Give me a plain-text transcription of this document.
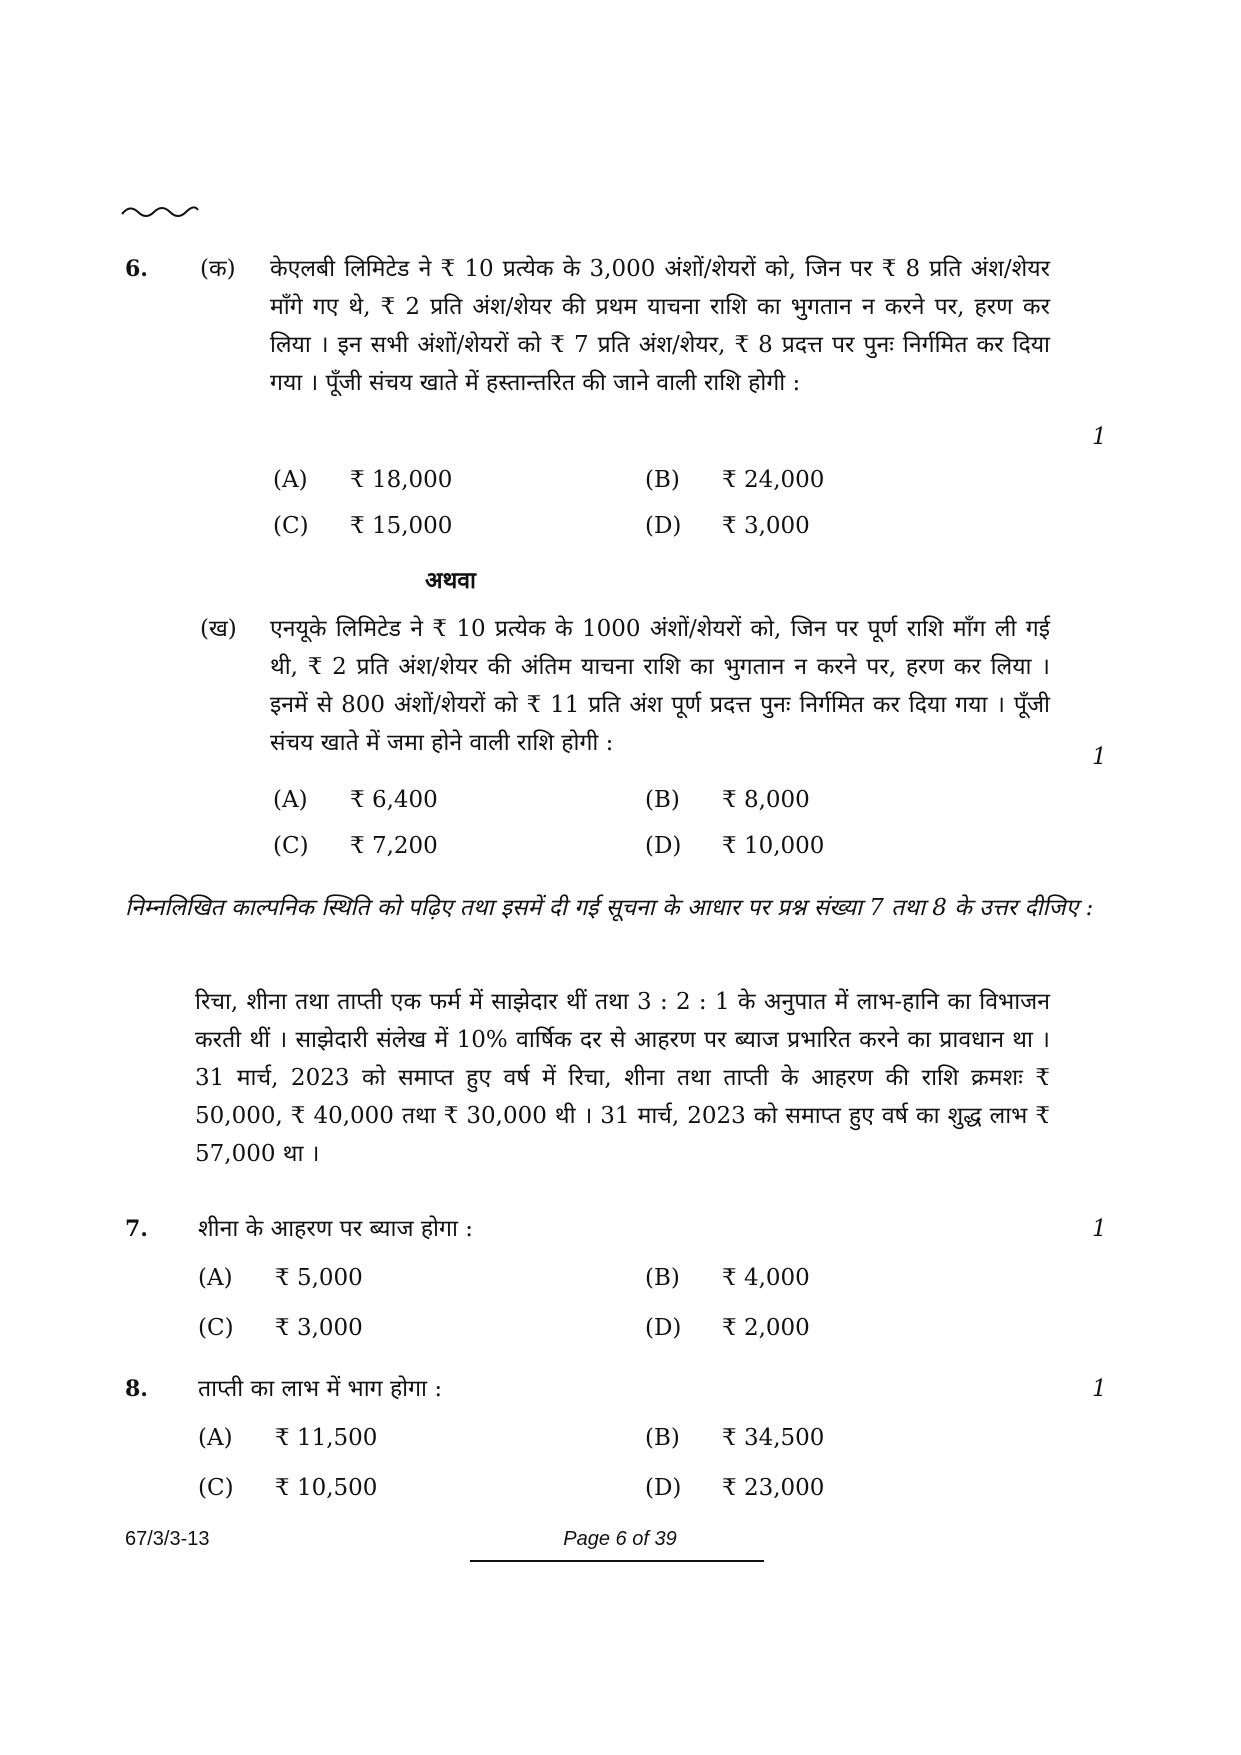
6. (क) केएलबी लिमिटेड ने ₹ 10 प्रत्येक के 3,000 अंशों/शेयरों को, जिन पर ₹ 8 प्रति अंश/शेयर माँगे गए थे, ₹ 2 प्रति अंश/शेयर की प्रथम याचना राशि का भुगतान न करने पर, हरण कर लिया । इन सभी अंशों/शेयरों को ₹ 7 प्रति अंश/शेयर, ₹ 8 प्रदत्त पर पुनः निर्गमित कर दिया गया । पूँजी संचय खाते में हस्तान्तरित की जाने वाली राशि होगी :
1
(A) ₹ 18,000	(B) ₹ 24,000
(C) ₹ 15,000	(D) ₹ 3,000
अथवा
(ख) एनयूके लिमिटेड ने ₹ 10 प्रत्येक के 1000 अंशों/शेयरों को, जिन पर पूर्ण राशि माँग ली गई थी, ₹ 2 प्रति अंश/शेयर की अंतिम याचना राशि का भुगतान न करने पर, हरण कर लिया । इनमें से 800 अंशों/शेयरों को ₹ 11 प्रति अंश पूर्ण प्रदत्त पुनः निर्गमित कर दिया गया । पूँजी संचय खाते में जमा होने वाली राशि होगी :
1
(A) ₹ 6,400	(B) ₹ 8,000
(C) ₹ 7,200	(D) ₹ 10,000
निम्नलिखित काल्पनिक स्थिति को पढ़िए तथा इसमें दी गई सूचना के आधार पर प्रश्न संख्या 7 तथा 8 के उत्तर दीजिए :
रिचा, शीना तथा ताप्ती एक फर्म में साझेदार थीं तथा 3 : 2 : 1 के अनुपात में लाभ-हानि का विभाजन करती थीं । साझेदारी संलेख में 10% वार्षिक दर से आहरण पर ब्याज प्रभारित करने का प्रावधान था । 31 मार्च, 2023 को समाप्त हुए वर्ष में रिचा, शीना तथा ताप्ती के आहरण की राशि क्रमशः ₹ 50,000, ₹ 40,000 तथा ₹ 30,000 थी । 31 मार्च, 2023 को समाप्त हुए वर्ष का शुद्ध लाभ ₹ 57,000 था ।
7. शीना के आहरण पर ब्याज होगा :	1
(A) ₹ 5,000	(B) ₹ 4,000
(C) ₹ 3,000	(D) ₹ 2,000
8. ताप्ती का लाभ में भाग होगा :	1
(A) ₹ 11,500	(B) ₹ 34,500
(C) ₹ 10,500	(D) ₹ 23,000
67/3/3-13	Page 6 of 39
